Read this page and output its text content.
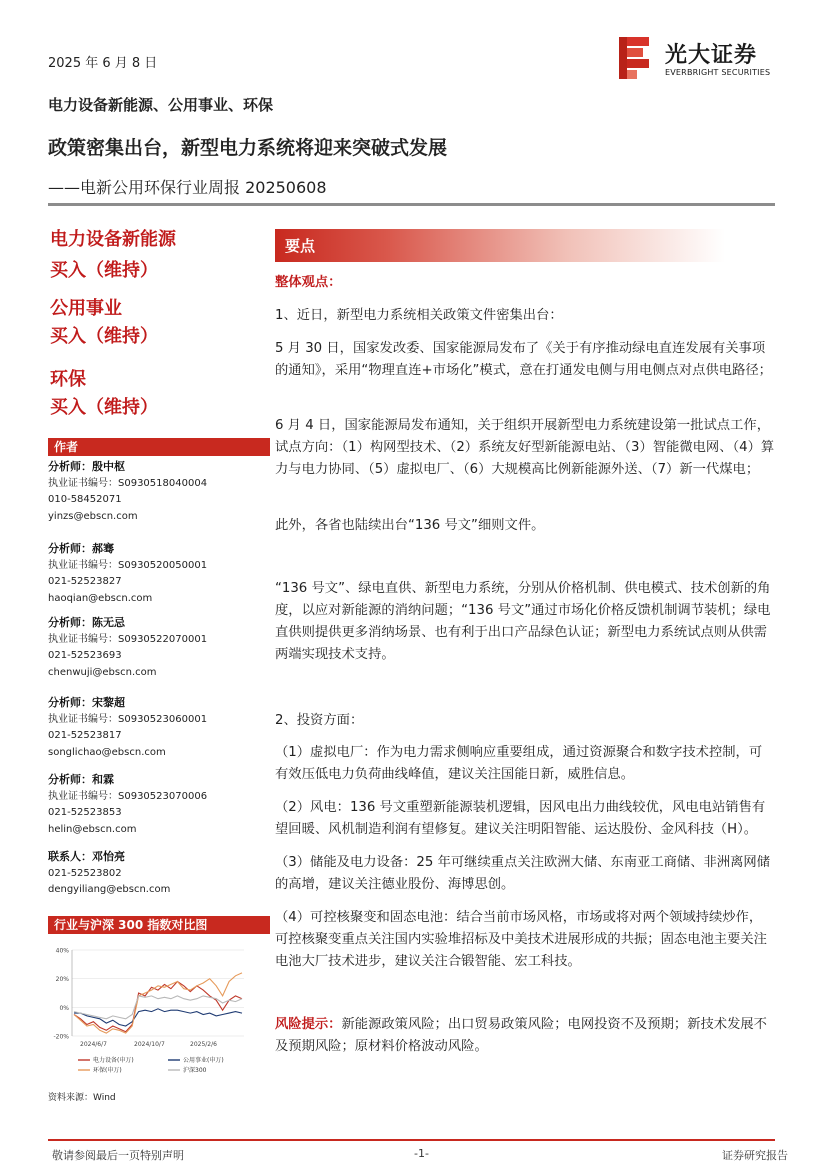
2025 年 6 月 8 日	光大证券
EVERBRIGHT SECURITIES
电力设备新能源、公用事业、环保
政策密集出台，新型电力系统将迎来突破式发展
——电新公用环保行业周报 20250608
电力设备新能源
买入（维持）
公用事业
买入（维持）
环保
买入（维持）
作者
分析师：殷中枢
执业证书编号：S0930518040004
010-58452071
yinzs@ebscn.com
分析师：郝骞
执业证书编号：S0930520050001
021-52523827
haoqian@ebscn.com
分析师：陈无忌
执业证书编号：S0930522070001
021-52523693
chenwuji@ebscn.com
分析师：宋黎超
执业证书编号：S0930523060001
021-52523817
songlichao@ebscn.com
分析师：和霖
执业证书编号：S0930523070006
021-52523853
helin@ebscn.com
联系人：邓怡亮
021-52523802
dengyiliang@ebscn.com
行业与沪深 300 指数对比图
40%
20%
0%
-20%
2024/6/7	2024/10/7	2025/2/6
电力设备(申万)	公用事业(申万)
环保(申万)	沪深300
资料来源：Wind
要点
整体观点：
1、近日，新型电力系统相关政策文件密集出台：
5 月 30 日，国家发改委、国家能源局发布了《关于有序推动绿电直连发展有关事项的通知》，采用“物理直连+市场化”模式，意在打通发电侧与用电侧点对点供电路径；
6 月 4 日，国家能源局发布通知，关于组织开展新型电力系统建设第一批试点工作，试点方向：（1）构网型技术、（2）系统友好型新能源电站、（3）智能微电网、（4）算力与电力协同、（5）虚拟电厂、（6）大规模高比例新能源外送、（7）新一代煤电；
此外，各省也陆续出台“136 号文”细则文件。
“136 号文”、绿电直供、新型电力系统，分别从价格机制、供电模式、技术创新的角度，以应对新能源的消纳问题；“136 号文”通过市场化价格反馈机制调节装机；绿电直供则提供更多消纳场景、也有利于出口产品绿色认证；新型电力系统试点则从供需两端实现技术支持。
2、投资方面：
（1）虚拟电厂：作为电力需求侧响应重要组成，通过资源聚合和数字技术控制，可有效压低电力负荷曲线峰值，建议关注国能日新，威胜信息。
（2）风电：136 号文重塑新能源装机逻辑，因风电出力曲线较优，风电电站销售有望回暖、风机制造利润有望修复。建议关注明阳智能、运达股份、金风科技（H）。
（3）储能及电力设备：25 年可继续重点关注欧洲大储、东南亚工商储、非洲离网储的高增，建议关注德业股份、海博思创。
（4）可控核聚变和固态电池：结合当前市场风格，市场或将对两个领域持续炒作，可控核聚变重点关注国内实验堆招标及中美技术进展形成的共振；固态电池主要关注电池大厂技术进步，建议关注合锻智能、宏工科技。
风险提示：新能源政策风险；出口贸易政策风险；电网投资不及预期；新技术发展不及预期风险；原材料价格波动风险。
敬请参阅最后一页特别声明	-1-	证券研究报告
